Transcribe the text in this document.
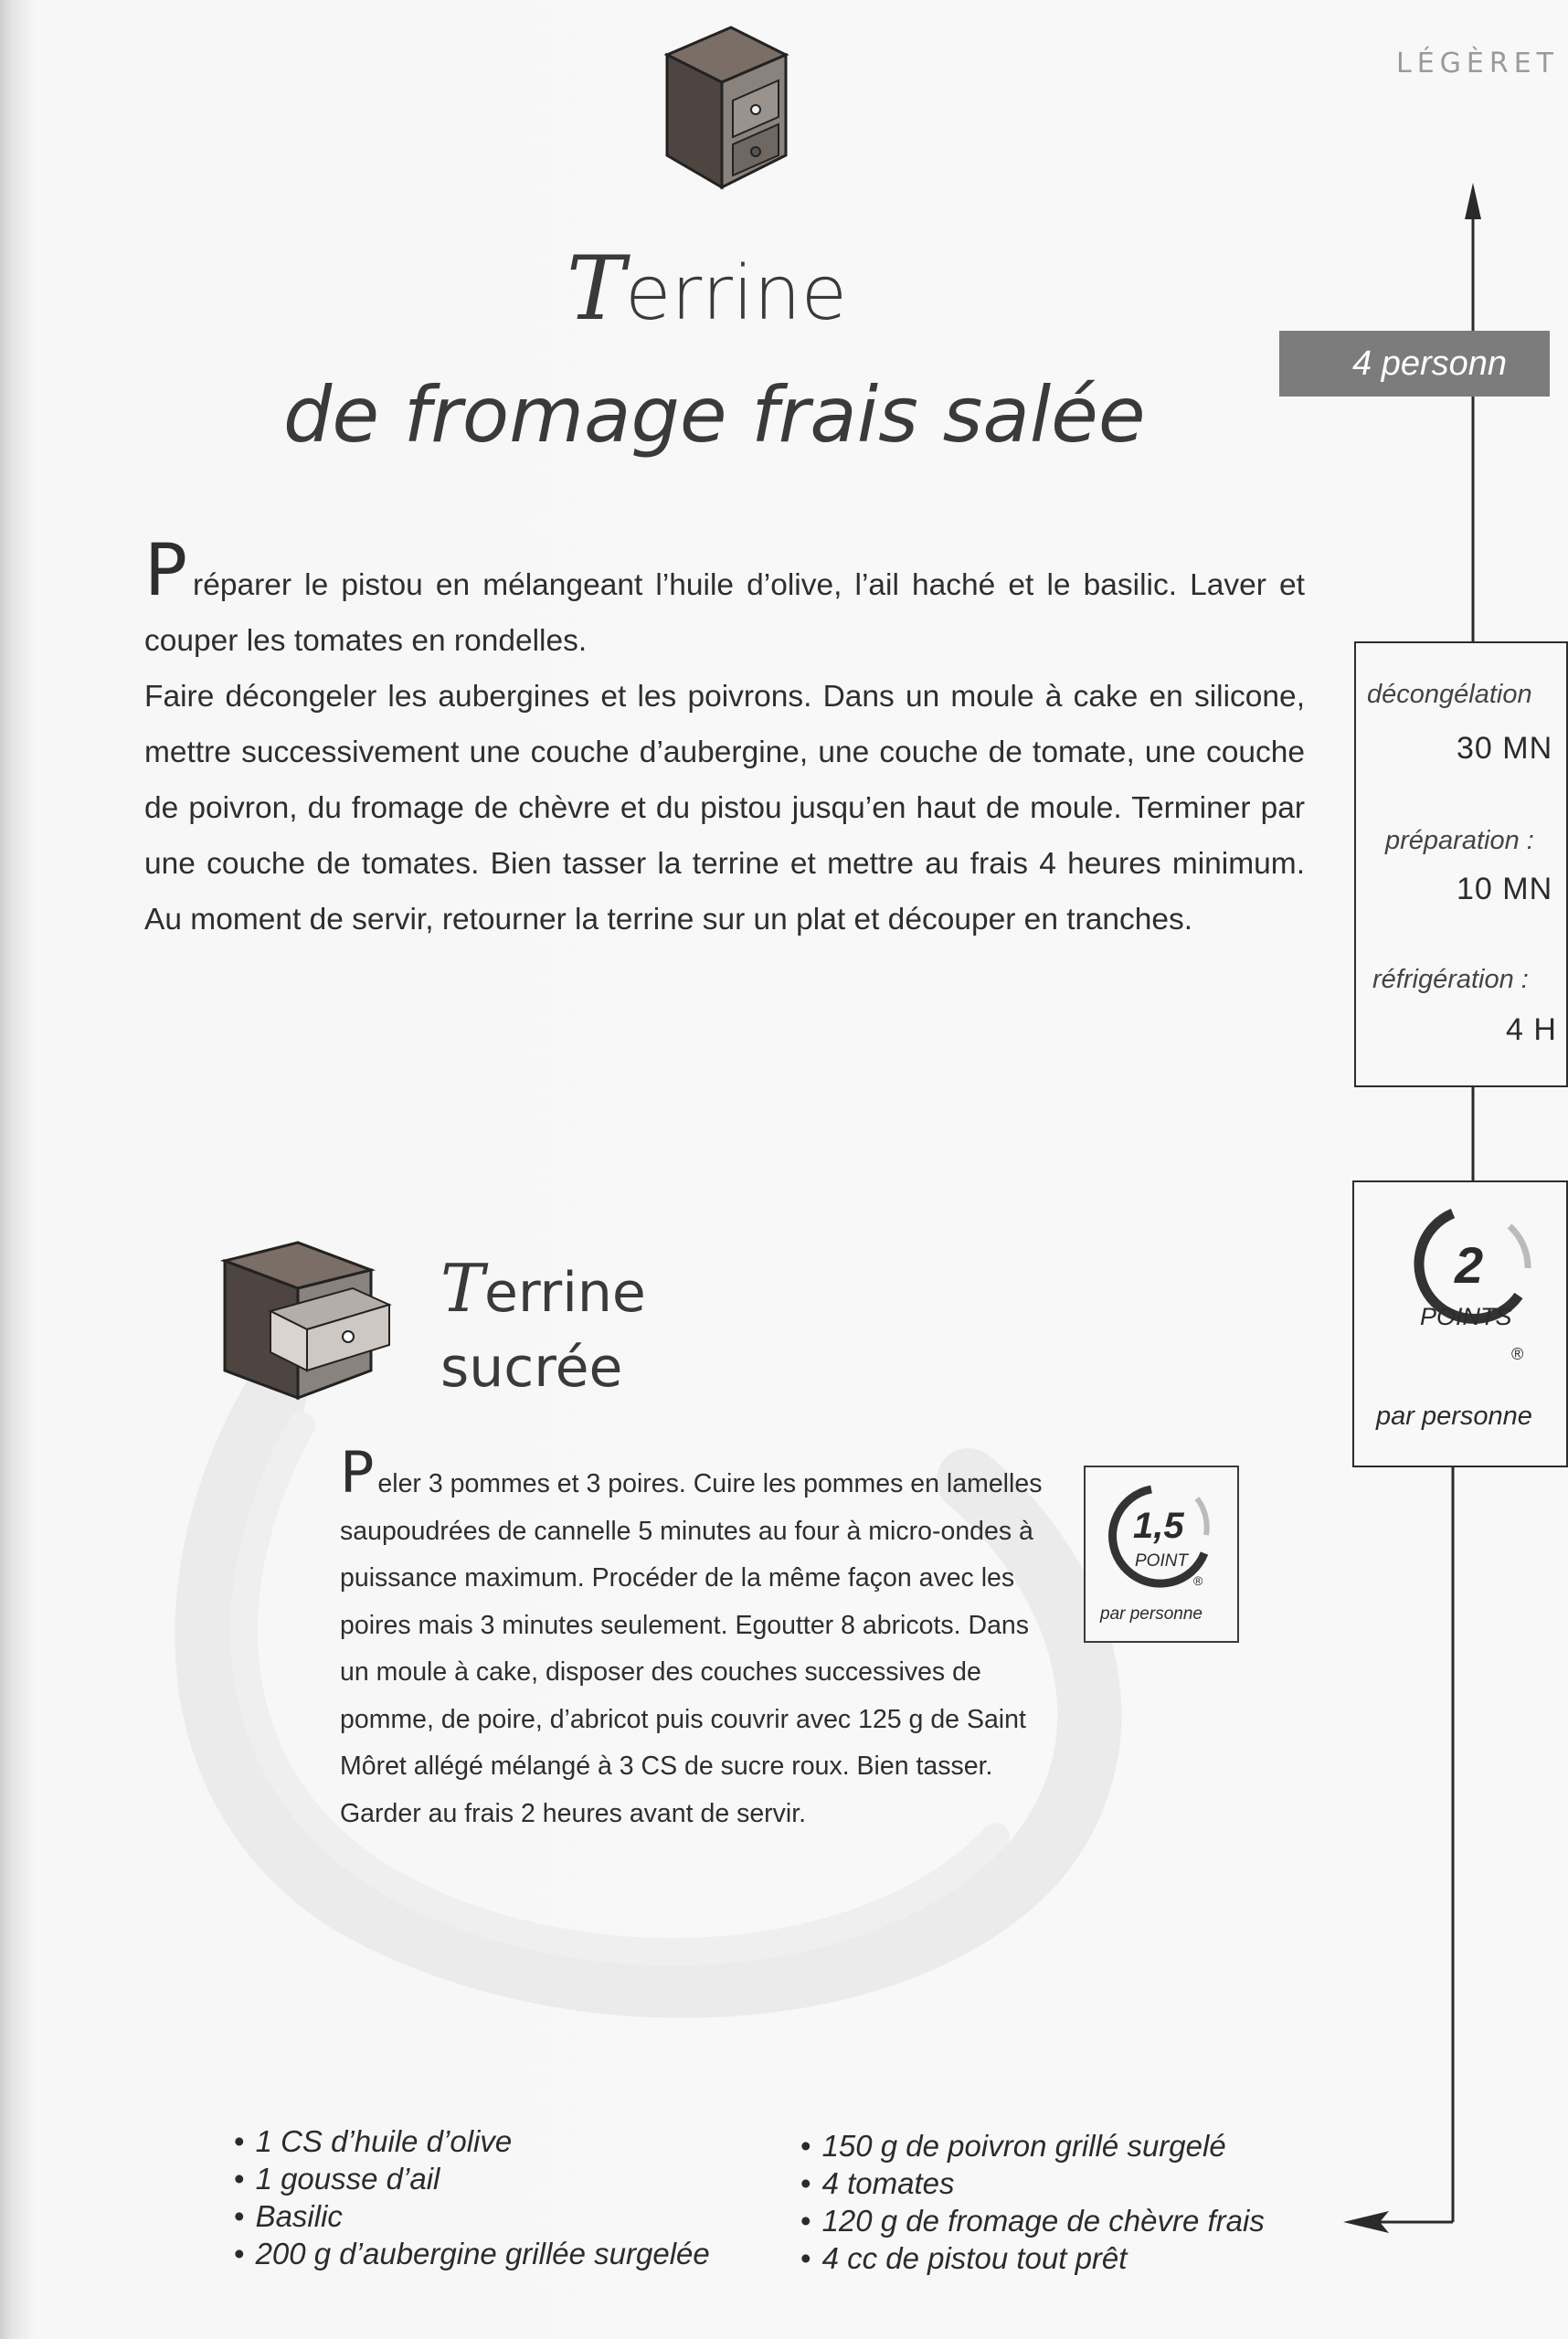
LÉGÈRET
Terrine
de fromage frais salée

Préparer le pistou en mélangeant l’huile d’olive, l’ail haché et le basilic. Laver et couper les tomates en rondelles.

Faire décongeler les aubergines et les poivrons. Dans un moule à cake en silicone, mettre successivement une couche d’aubergine, une couche de tomate, une couche de poivron, du fromage de chèvre et du pistou jusqu’en haut de moule. Terminer par une couche de tomates. Bien tasser la terrine et mettre au frais 4 heures minimum. Au moment de servir, retourner la terrine sur un plat et découper en tranches.

Terrine
sucrée

Peler 3 pommes et 3 poires. Cuire les pommes en lamelles saupoudrées de cannelle 5 minutes au four à micro-ondes à puissance maximum. Procéder de la même façon avec les poires mais 3 minutes seulement. Egoutter 8 abricots. Dans un moule à cake, disposer des couches successives de pomme, de poire, d’abricot puis couvrir avec 125 g de Saint Môret allégé mélangé à 3 CS de sucre roux. Bien tasser. Garder au frais 2 heures avant de servir.

1,5
POINT
®
par personne
4 personn
décongélation
30 MN
préparation :
10 MN
réfrigération :
4 H
2
POINTS
®
par personne
• 1 CS d’huile d’olive
• 1 gousse d’ail
• Basilic
• 200 g d’aubergine grillée surgelée
• 150 g de poivron grillé surgelé
• 4 tomates
• 120 g de fromage de chèvre frais
• 4 cc de pistou tout prêt
